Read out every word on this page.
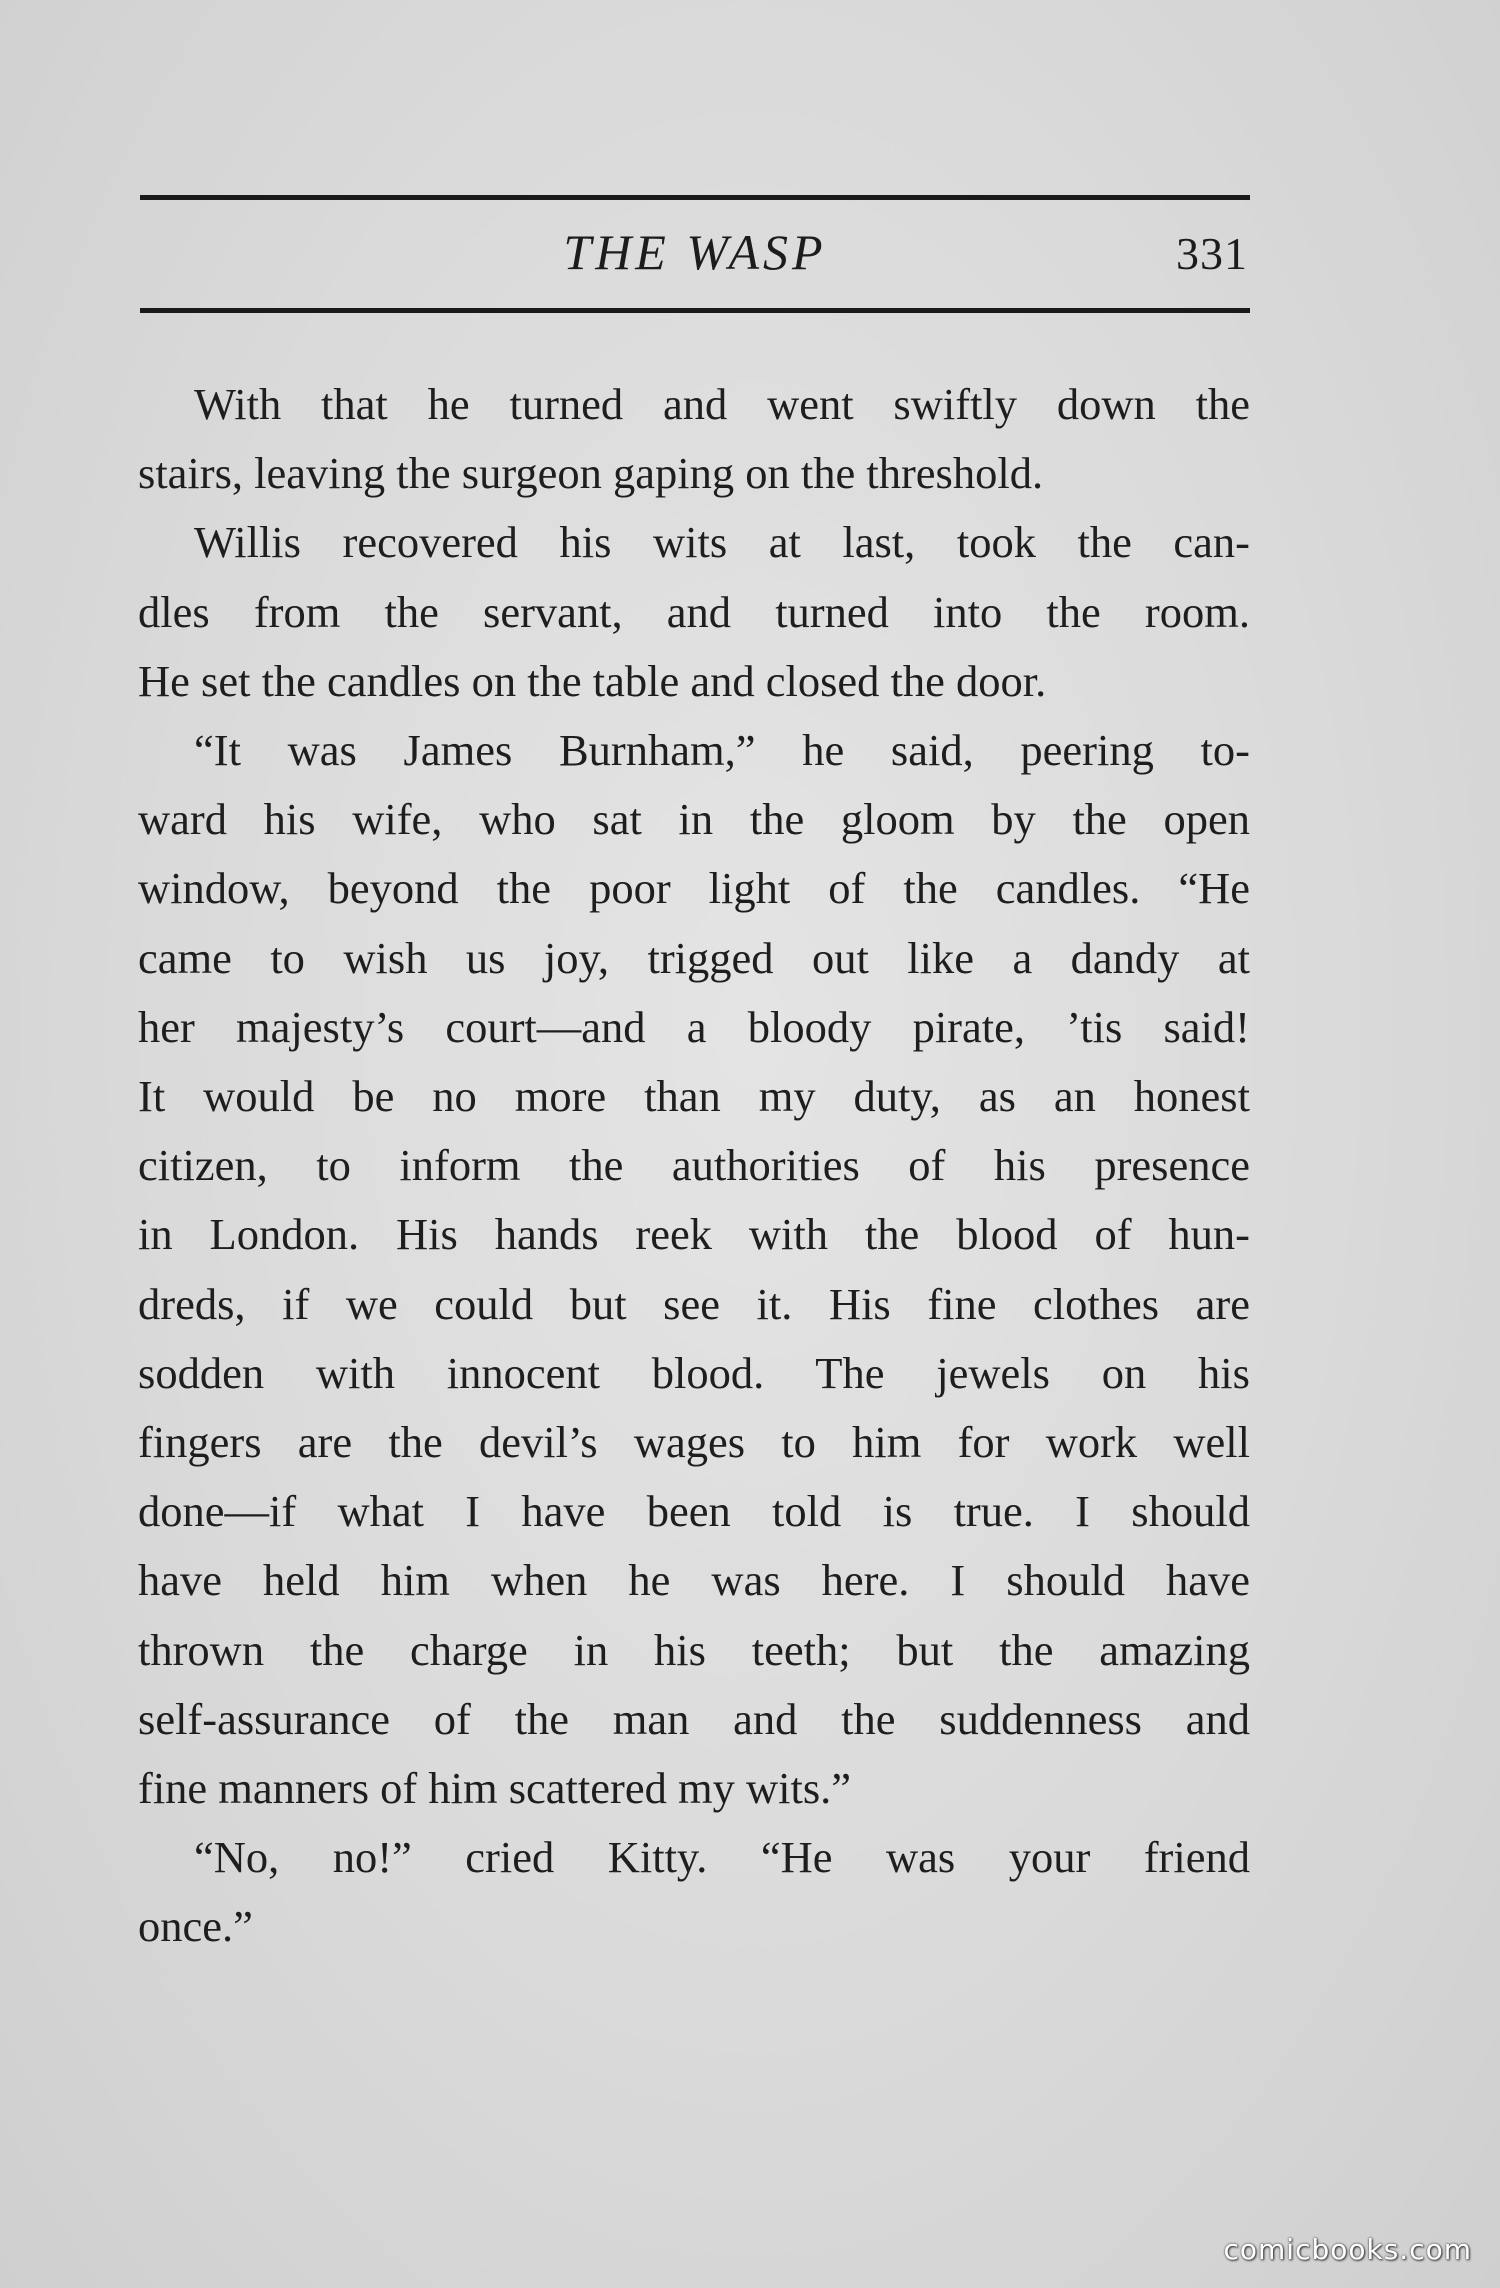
THE WASP	331

With that he turned and went swiftly down the
stairs, leaving the surgeon gaping on the threshold.

Willis recovered his wits at last, took the can-
dles from the servant, and turned into the room.
He set the candles on the table and closed the door.

“It was James Burnham,” he said, peering to-
ward his wife, who sat in the gloom by the open
window, beyond the poor light of the candles. “He
came to wish us joy, trigged out like a dandy at
her majesty’s court—and a bloody pirate, ’tis said!
It would be no more than my duty, as an honest
citizen, to inform the authorities of his presence
in London. His hands reek with the blood of hun-
dreds, if we could but see it. His fine clothes are
sodden with innocent blood. The jewels on his
fingers are the devil’s wages to him for work well
done—if what I have been told is true. I should
have held him when he was here. I should have
thrown the charge in his teeth; but the amazing
self-assurance of the man and the suddenness and
fine manners of him scattered my wits.”

“No, no!” cried Kitty. “He was your friend
once.”

comicbooks.com
